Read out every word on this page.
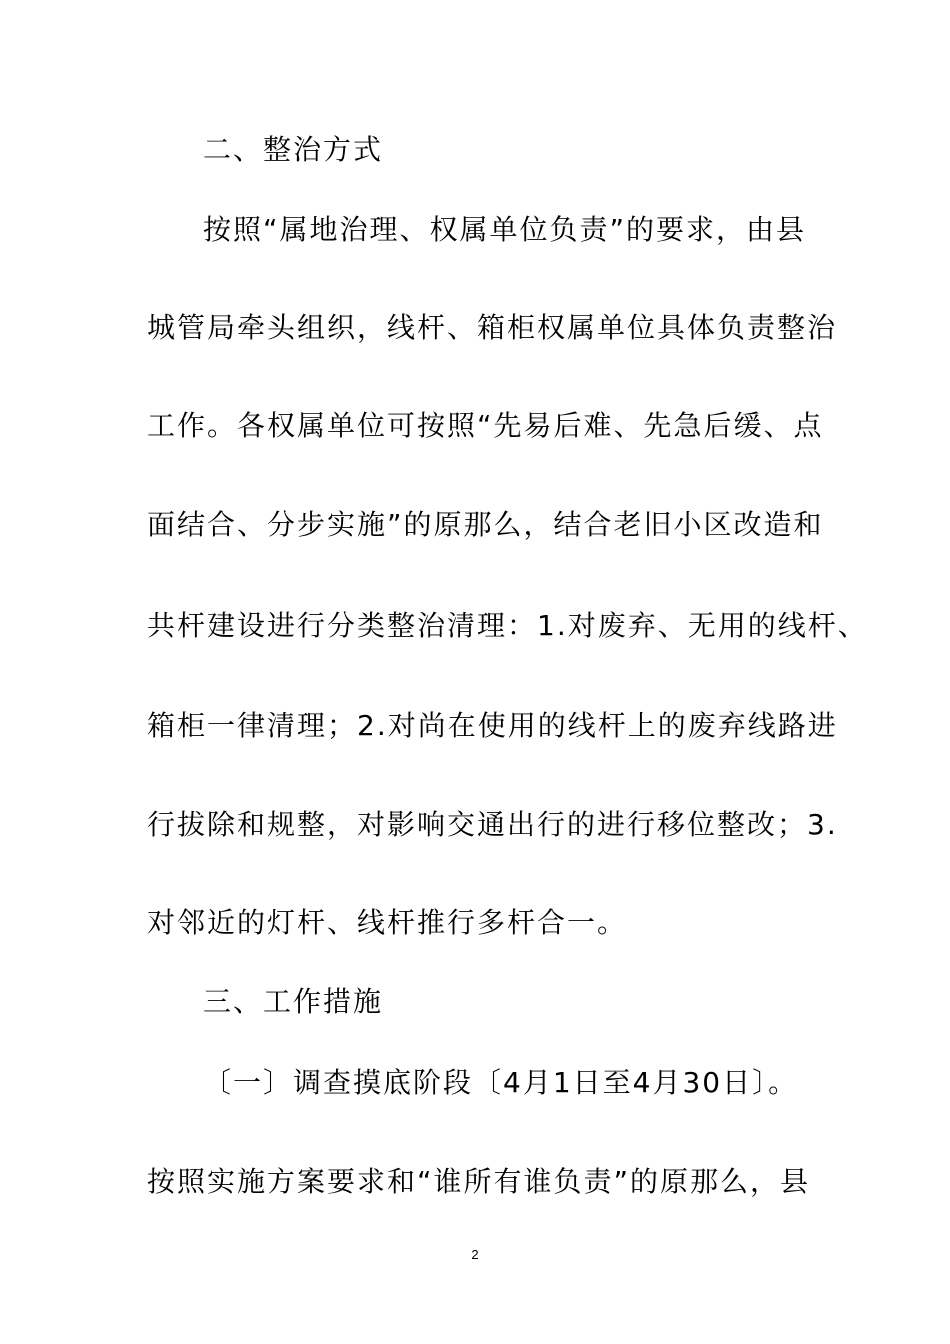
二、整治方式
按照“属地治理、权属单位负责”的要求，由县
城管局牵头组织，线杆、箱柜权属单位具体负责整治
工作。各权属单位可按照“先易后难、先急后缓、点
面结合、分步实施”的原那么，结合老旧小区改造和
共杆建设进行分类整治清理：1.对废弃、无用的线杆、
箱柜一律清理；2.对尚在使用的线杆上的废弃线路进
行拔除和规整，对影响交通出行的进行移位整改；3.
对邻近的灯杆、线杆推行多杆合一。
三、工作措施
〔一〕调查摸底阶段〔4月1日至4月30日〕。
按照实施方案要求和“谁所有谁负责”的原那么，县
2
